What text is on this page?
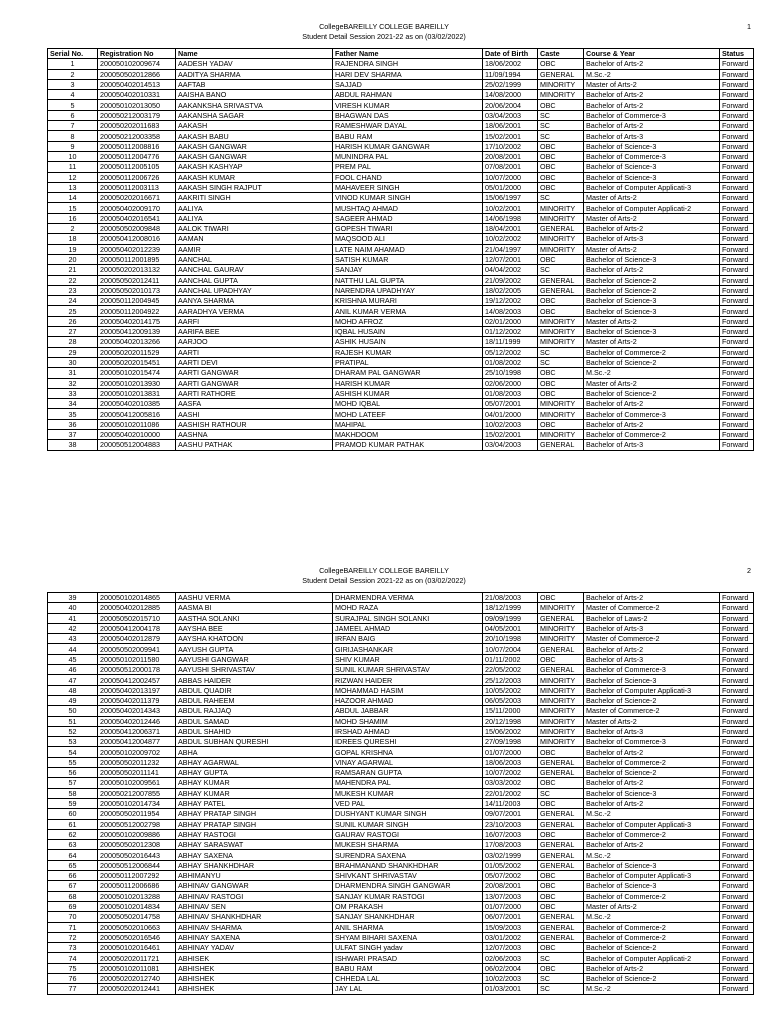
CollegeBAREILLY COLLEGE BAREILLY
Student Detail Session 2021-22 as on (03/02/2022)
1
Serial No.	Registration No	Name	Father Name	Date of Birth	Caste	Course & Year	Status
1	200050102009674	AADESH YADAV	RAJENDRA SINGH	18/06/2002	OBC	Bachelor of Arts-2	Forward
2	200050502012866	AADITYA SHARMA	HARI DEV SHARMA	11/09/1994	GENERAL	M.Sc.-2	Forward
3	200050402014513	AAFTAB	SAJJAD	25/02/1999	MINORITY	Master of Arts-2	Forward
4	200050402010331	AAISHA BANO	ABDUL RAHMAN	14/08/2000	MINORITY	Bachelor of Arts-2	Forward
5	200050102013050	AAKANKSHA SRIVASTVA	VIRESH KUMAR	20/06/2004	OBC	Bachelor of Arts-2	Forward
6	200050212003179	AAKANSHA SAGAR	BHAGWAN DAS	03/04/2003	SC	Bachelor of Commerce-3	Forward
7	200050202011683	AAKASH	RAMESHWAR DAYAL	18/06/2001	SC	Bachelor of Arts-2	Forward
8	200050212003358	AAKASH BABU	BABU RAM	15/02/2001	SC	Bachelor of Arts-3	Forward
9	200050112008816	AAKASH GANGWAR	HARISH KUMAR GANGWAR	17/10/2002	OBC	Bachelor of Science-3	Forward
10	200050112004776	AAKASH GANGWAR	MUNINDRA PAL	20/08/2001	OBC	Bachelor of Commerce-3	Forward
11	200050112005105	AAKASH KASHYAP	PREM PAL	07/08/2001	OBC	Bachelor of Science-3	Forward
12	200050112006726	AAKASH KUMAR	FOOL CHAND	10/07/2000	OBC	Bachelor of Science-3	Forward
13	200050112003113	AAKASH SINGH RAJPUT	MAHAVEER SINGH	05/01/2000	OBC	Bachelor of Computer Applicati-3	Forward
14	200050202016671	AAKRITI SINGH	VINOD KUMAR SINGH	15/06/1997	SC	Master of Arts-2	Forward
15	200050402009170	AALIYA	MUSHTAQ AHMAD	10/02/2001	MINORITY	Bachelor of Computer Applicati-2	Forward
16	200050402016541	AALIYA	SAGEER AHMAD	14/06/1998	MINORITY	Master of Arts-2	Forward
2	200050502009848	AALOK TIWARI	GOPESH TIWARI	18/04/2001	GENERAL	Bachelor of Arts-2	Forward
18	200050412008016	AAMAN	MAQSOOD ALI	10/02/2002	MINORITY	Bachelor of Arts-3	Forward
19	200050402012239	AAMIR	LATE NAIM AHAMAD	21/04/1997	MINORITY	Master of Arts-2	Forward
20	200050112001895	AANCHAL	SATISH KUMAR	12/07/2001	OBC	Bachelor of Science-3	Forward
21	200050202013132	AANCHAL GAURAV	SANJAY	04/04/2002	SC	Bachelor of Arts-2	Forward
22	200050502012411	AANCHAL GUPTA	NATTHU LAL GUPTA	21/09/2002	GENERAL	Bachelor of Science-2	Forward
23	200050502010173	AANCHAL UPADHYAY	NARENDRA UPADHYAY	18/02/2005	GENERAL	Bachelor of Science-2	Forward
24	200050112004945	AANYA SHARMA	KRISHNA MURARI	19/12/2002	OBC	Bachelor of Science-3	Forward
25	200050112004922	AARADHYA VERMA	ANIL KUMAR VERMA	14/08/2003	OBC	Bachelor of Science-3	Forward
26	200050402014175	AARFI	MOHD AFROZ	02/01/2000	MINORITY	Master of Arts-2	Forward
27	200050412009139	AARIFA BEE	IQBAL HUSAIN	01/12/2002	MINORITY	Bachelor of Science-3	Forward
28	200050402013266	AARJOO	ASHIK HUSAIN	18/11/1999	MINORITY	Master of Arts-2	Forward
29	200050202011529	AARTI	RAJESH KUMAR	05/12/2002	SC	Bachelor of Commerce-2	Forward
30	200050202015451	AARTI DEVI	PRATIPAL	01/08/2002	SC	Bachelor of Science-2	Forward
31	200050102015474	AARTI GANGWAR	DHARAM PAL GANGWAR	25/10/1998	OBC	M.Sc.-2	Forward
32	200050102013930	AARTI GANGWAR	HARISH KUMAR	02/06/2000	OBC	Master of Arts-2	Forward
33	200050102013831	AARTI RATHORE	ASHISH KUMAR	01/08/2003	OBC	Bachelor of Science-2	Forward
34	200050402010385	AASFA	MOHD IQBAL	05/07/2001	MINORITY	Bachelor of Arts-2	Forward
35	200050412005816	AASHI	MOHD LATEEF	04/01/2000	MINORITY	Bachelor of Commerce-3	Forward
36	200050102011086	AASHISH RATHOUR	MAHIPAL	10/02/2003	OBC	Bachelor of Arts-2	Forward
37	200050402010000	AASHNA	MAKHDOOM	15/02/2001	MINORITY	Bachelor of Commerce-2	Forward
38	200050512004883	AASHU PATHAK	PRAMOD KUMAR PATHAK	03/04/2003	GENERAL	Bachelor of Arts-3	Forward
CollegeBAREILLY COLLEGE BAREILLY
Student Detail Session 2021-22 as on (03/02/2022)
2
39	200050102014865	AASHU VERMA	DHARMENDRA VERMA	21/08/2003	OBC	Bachelor of Arts-2	Forward
40	200050402012885	AASMA BI	MOHD RAZA	18/12/1999	MINORITY	Master of Commerce-2	Forward
41	200050502015710	AASTHA SOLANKI	SURAJPAL SINGH SOLANKI	09/09/1999	GENERAL	Bachelor of Laws-2	Forward
42	200050412004178	AAYSHA BEE	JAMEEL AHMAD	04/05/2001	MINORITY	Bachelor of Arts-3	Forward
43	200050402012879	AAYSHA KHATOON	IRFAN BAIG	20/10/1998	MINORITY	Master of Commerce-2	Forward
44	200050502009941	AAYUSH GUPTA	GIRIJASHANKAR	10/07/2004	GENERAL	Bachelor of Arts-2	Forward
45	200050102011580	AAYUSHI GANGWAR	SHIV KUMAR	01/11/2002	OBC	Bachelor of Arts-3	Forward
46	200050512000178	AAYUSHI SHRIVASTAV	SUNIL KUMAR SHRIVASTAV	22/05/2002	GENERAL	Bachelor of Commerce-3	Forward
47	200050412002457	ABBAS HAIDER	RIZWAN HAIDER	25/12/2003	MINORITY	Bachelor of Science-3	Forward
48	200050402013197	ABDUL QUADIR	MOHAMMAD HASIM	10/05/2002	MINORITY	Bachelor of Computer Applicati-3	Forward
49	200050402011379	ABDUL RAHEEM	HAZOOR AHMAD	06/05/2003	MINORITY	Bachelor of Science-2	Forward
50	200050402014343	ABDUL RAJJAQ	ABDUL JABBAR	15/11/2000	MINORITY	Master of Commerce-2	Forward
51	200050402012446	ABDUL SAMAD	MOHD SHAMIM	20/12/1998	MINORITY	Master of Arts-2	Forward
52	200050412006371	ABDUL SHAHID	IRSHAD AHMAD	15/06/2002	MINORITY	Bachelor of Arts-3	Forward
53	200050412004877	ABDUL SUBHAN QURESHI	IDREES QURESHI	27/09/1998	MINORITY	Bachelor of Commerce-3	Forward
54	200050102009702	ABHA	GOPAL KRISHNA	01/07/2000	OBC	Bachelor of Arts-2	Forward
55	200050502011232	ABHAY AGARWAL	VINAY AGARWAL	18/06/2003	GENERAL	Bachelor of Commerce-2	Forward
56	200050502011141	ABHAY GUPTA	RAMSARAN GUPTA	10/07/2002	GENERAL	Bachelor of Science-2	Forward
57	200050102009561	ABHAY KUMAR	MAHENDRA PAL	03/03/2002	OBC	Bachelor of Arts-2	Forward
58	200050212007855	ABHAY KUMAR	MUKESH KUMAR	22/01/2002	SC	Bachelor of Science-3	Forward
59	200050102014734	ABHAY PATEL	VED PAL	14/11/2003	OBC	Bachelor of Arts-2	Forward
60	200050502011954	ABHAY PRATAP SINGH	DUSHYANT KUMAR SINGH	09/07/2001	GENERAL	M.Sc.-2	Forward
61	200050512002798	ABHAY PRATAP SINGH	SUNIL KUMAR SINGH	23/10/2003	GENERAL	Bachelor of Computer Applicati-3	Forward
62	200050102009886	ABHAY RASTOGI	GAURAV RASTOGI	16/07/2003	OBC	Bachelor of Commerce-2	Forward
63	200050502012308	ABHAY SARASWAT	MUKESH SHARMA	17/08/2003	GENERAL	Bachelor of Arts-2	Forward
64	200050502016443	ABHAY SAXENA	SURENDRA SAXENA	03/02/1999	GENERAL	M.Sc.-2	Forward
65	200050512006844	ABHAY SHANKHDHAR	BRAHMANAND SHANKHDHAR	01/05/2002	GENERAL	Bachelor of Science-3	Forward
66	200050112007292	ABHIMANYU	SHIVKANT SHRIVASTAV	05/07/2002	OBC	Bachelor of Computer Applicati-3	Forward
67	200050112006686	ABHINAV GANGWAR	DHARMENDRA SINGH GANGWAR	20/08/2001	OBC	Bachelor of Science-3	Forward
68	200050102013288	ABHINAV RASTOGI	SANJAY KUMAR RASTOGI	13/07/2003	OBC	Bachelor of Commerce-2	Forward
69	200050102014834	ABHINAV SEN	OM PRAKASH	01/07/2000	OBC	Master of Arts-2	Forward
70	200050502014758	ABHINAV SHANKHDHAR	SANJAY SHANKHDHAR	06/07/2001	GENERAL	M.Sc.-2	Forward
71	200050502010663	ABHINAV SHARMA	ANIL SHARMA	15/09/2003	GENERAL	Bachelor of Commerce-2	Forward
72	200050502016546	ABHINAY SAXENA	SHYAM BIHARI SAXENA	03/01/2002	GENERAL	Bachelor of Commerce-2	Forward
73	200050102016461	ABHINAY YADAV	ULFAT SINGH yadav	12/07/2003	OBC	Bachelor of Science-2	Forward
74	200050202011721	ABHISEK	ISHWARI PRASAD	02/06/2003	SC	Bachelor of Computer Applicati-2	Forward
75	200050102011081	ABHISHEK	BABU RAM	06/02/2004	OBC	Bachelor of Arts-2	Forward
76	200050202012740	ABHISHEK	CHHEDA LAL	10/02/2003	SC	Bachelor of Science-2	Forward
77	200050202012441	ABHISHEK	JAY LAL	01/03/2001	SC	M.Sc.-2	Forward
